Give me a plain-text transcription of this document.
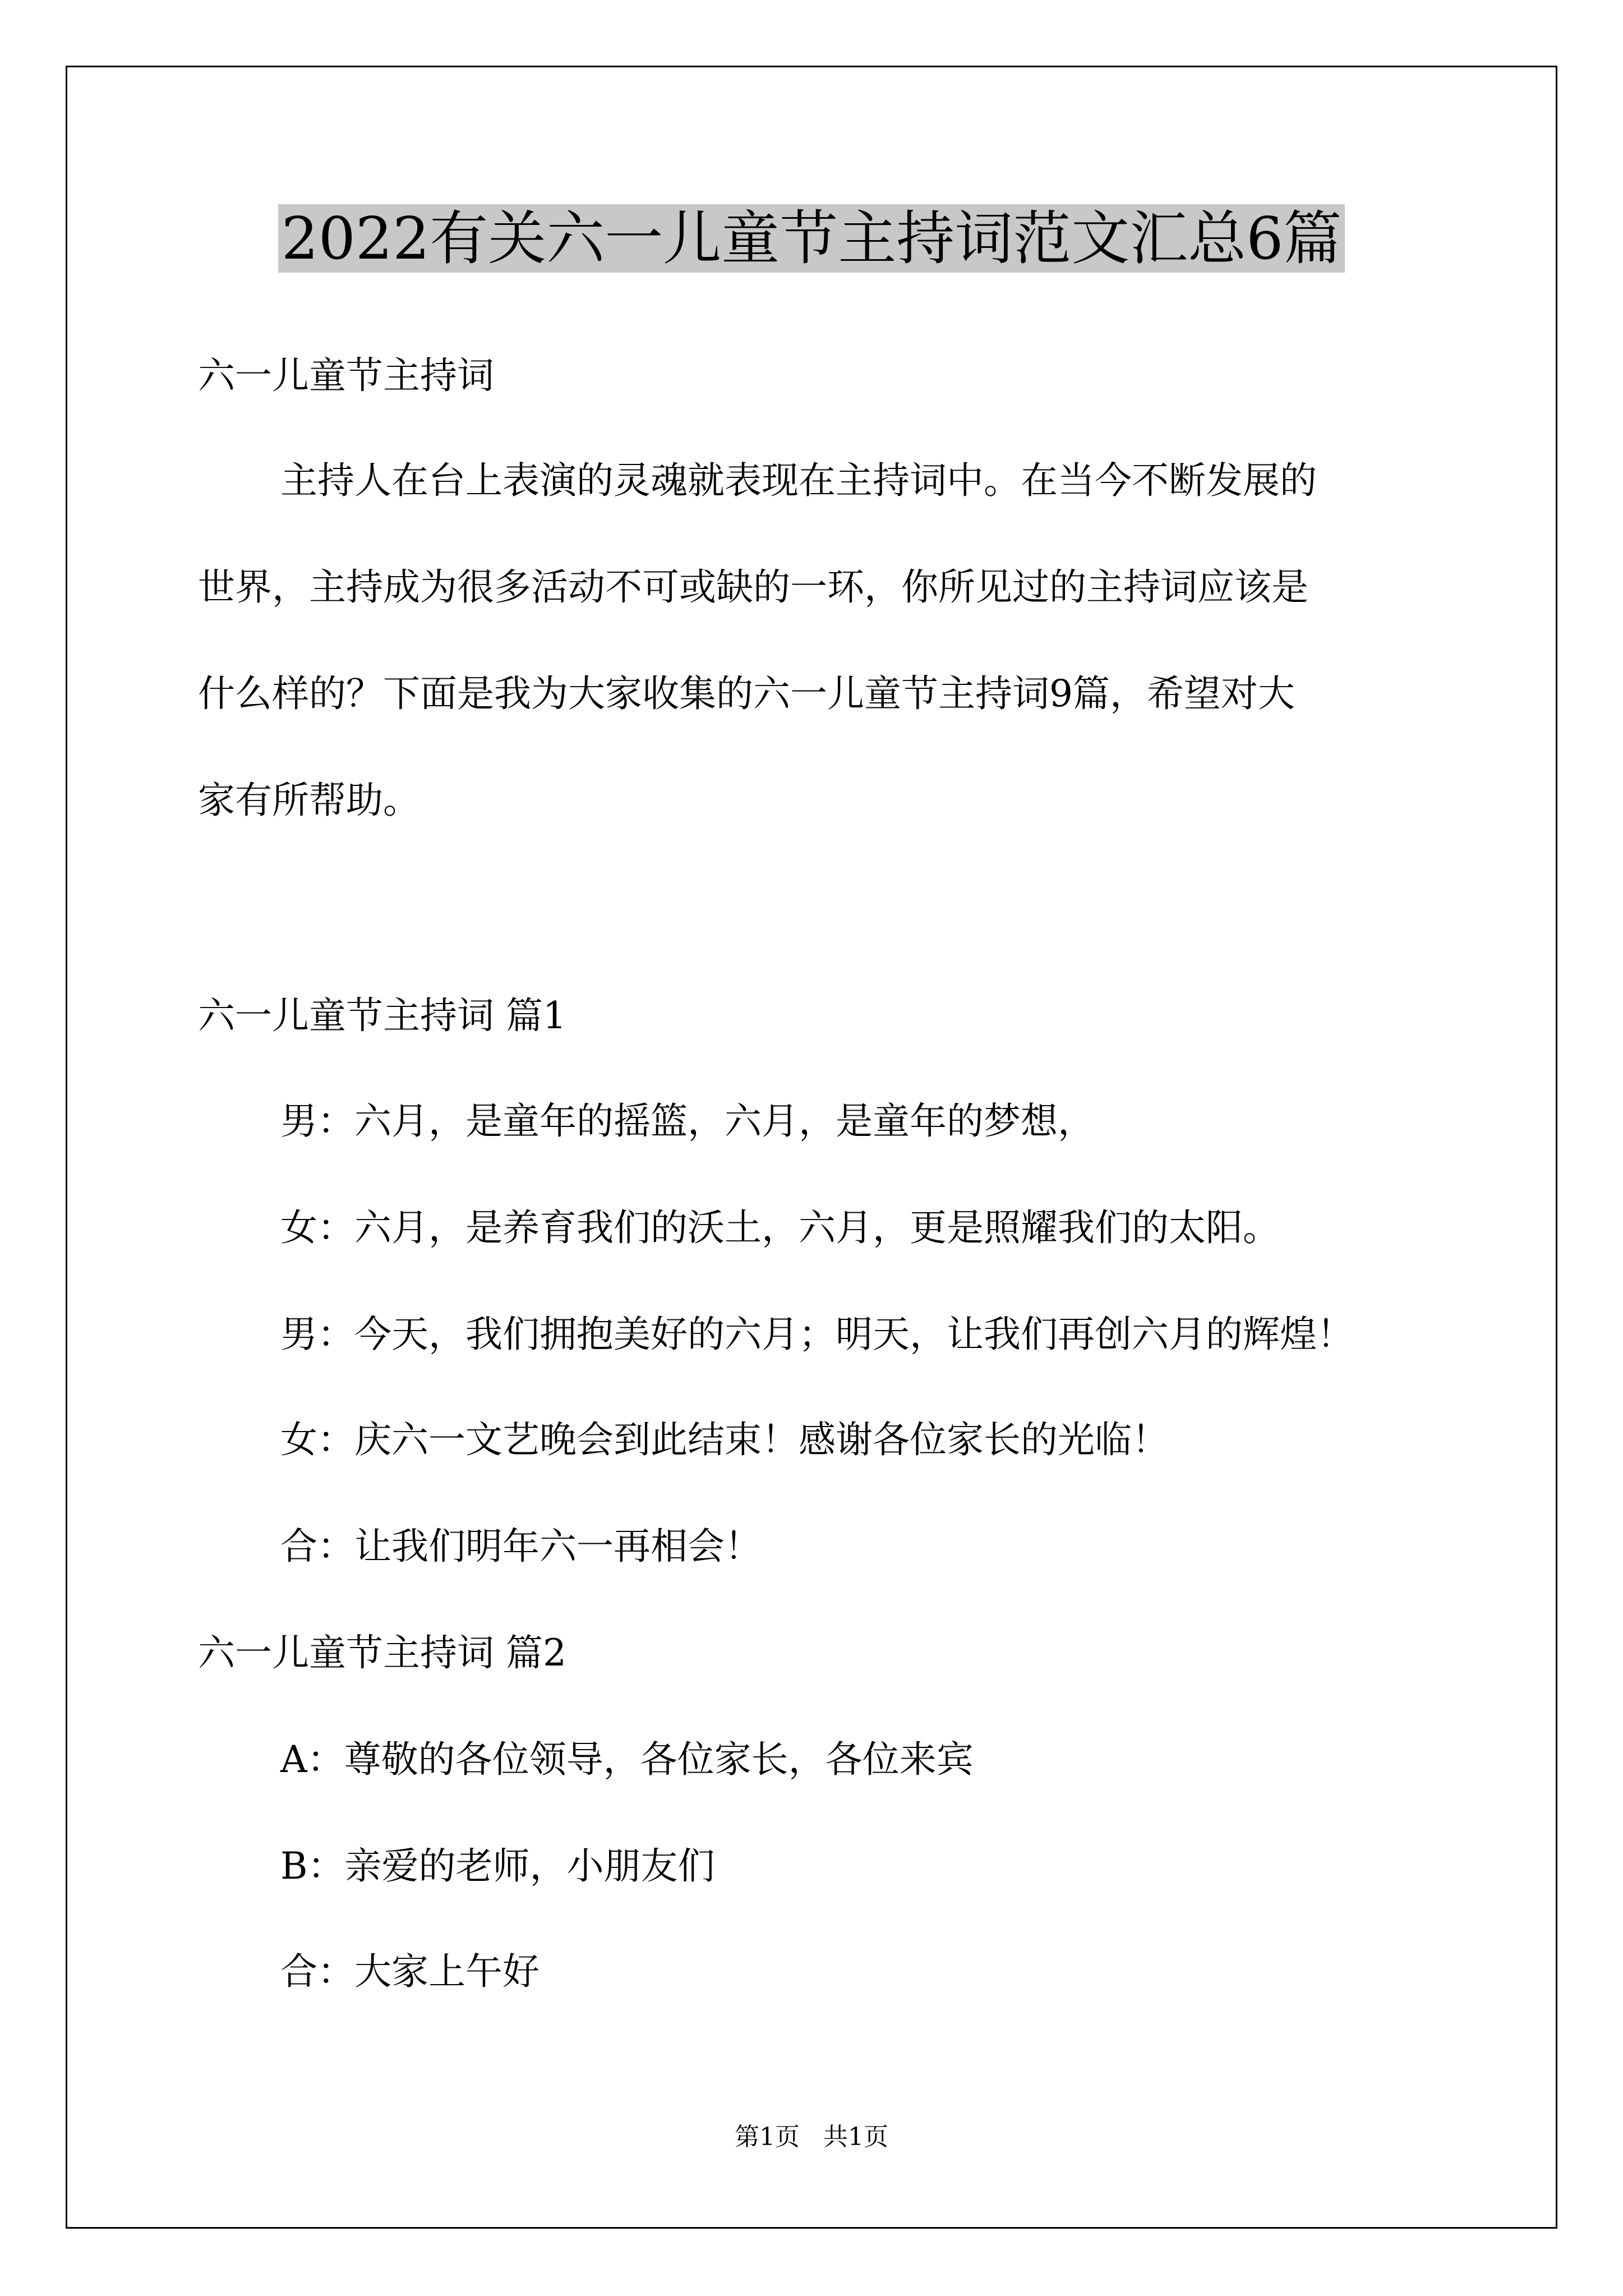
2022有关六一儿童节主持词范文汇总6篇
六一儿童节主持词
主持人在台上表演的灵魂就表现在主持词中。在当今不断发展的
世界，主持成为很多活动不可或缺的一环，你所见过的主持词应该是
什么样的？下面是我为大家收集的六一儿童节主持词9篇，希望对大
家有所帮助。
六一儿童节主持词 篇1
男：六月，是童年的摇篮，六月，是童年的梦想，
女：六月，是养育我们的沃土，六月，更是照耀我们的太阳。
男：今天，我们拥抱美好的六月；明天，让我们再创六月的辉煌！
女：庆六一文艺晚会到此结束！感谢各位家长的光临！
合：让我们明年六一再相会！
六一儿童节主持词 篇2
A：尊敬的各位领导，各位家长，各位来宾
B：亲爱的老师，小朋友们
合：大家上午好
第1页   共1页
